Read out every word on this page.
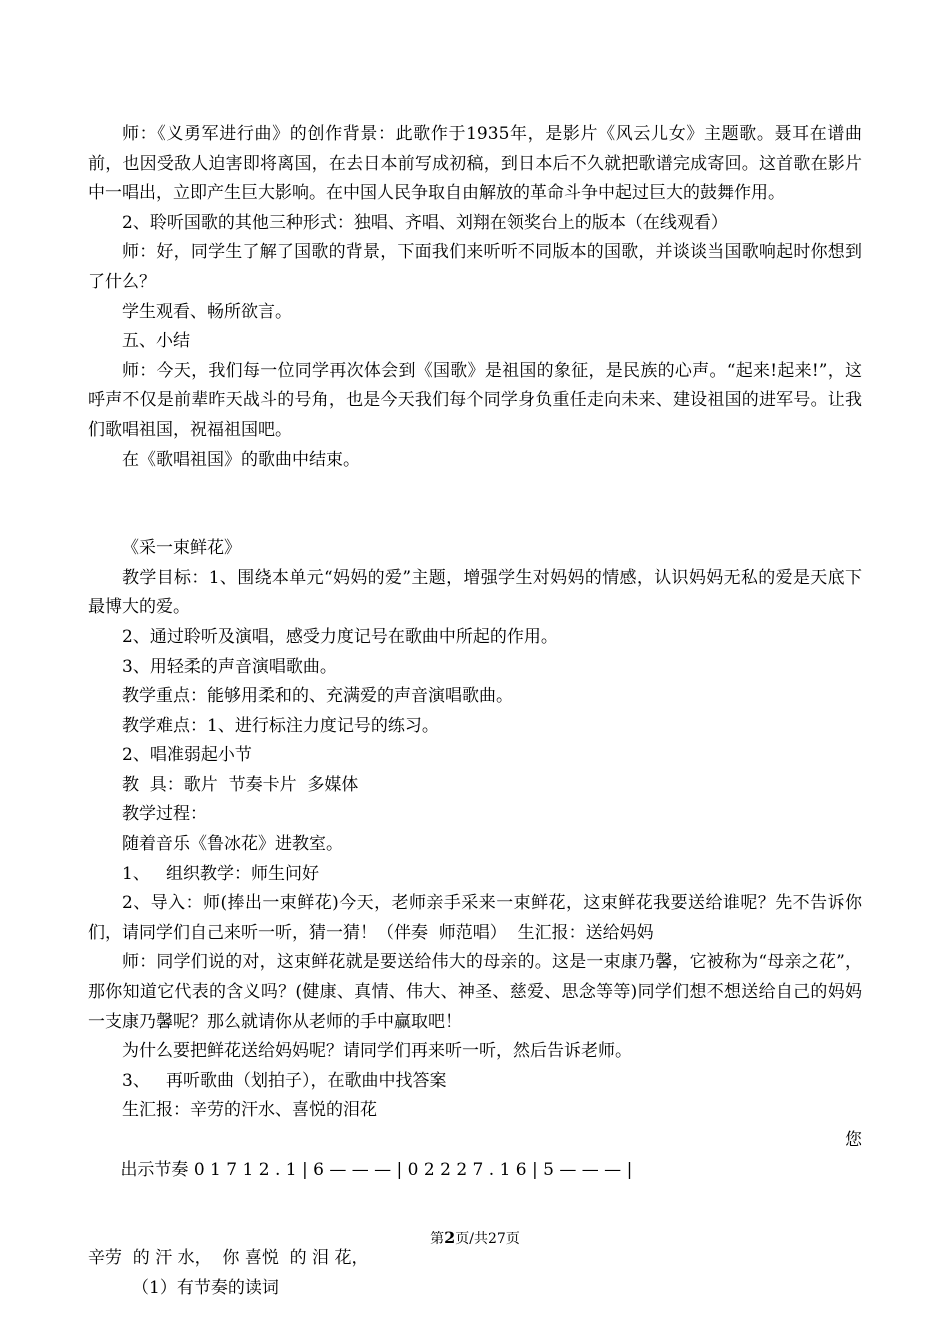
师：《义勇军进行曲》的创作背景：此歌作于1935年，是影片《风云儿女》主题歌。聂耳在谱曲前，也因受敌人迫害即将离国，在去日本前写成初稿，到日本后不久就把歌谱完成寄回。这首歌在影片中一唱出，立即产生巨大影响。在中国人民争取自由解放的革命斗争中起过巨大的鼓舞作用。

2、聆听国歌的其他三种形式：独唱、齐唱、刘翔在领奖台上的版本（在线观看）

师：好，同学生了解了国歌的背景，下面我们来听听不同版本的国歌，并谈谈当国歌响起时你想到了什么？

学生观看、畅所欲言。

五、小结

师：今天，我们每一位同学再次体会到《国歌》是祖国的象征，是民族的心声。“起来!起来!”，这呼声不仅是前辈昨天战斗的号角，也是今天我们每个同学身负重任走向未来、建设祖国的进军号。让我们歌唱祖国，祝福祖国吧。

在《歌唱祖国》的歌曲中结束。

《采一束鲜花》

教学目标：1、围绕本单元“妈妈的爱”主题，增强学生对妈妈的情感，认识妈妈无私的爱是天底下最博大的爱。

2、通过聆听及演唱，感受力度记号在歌曲中所起的作用。

3、用轻柔的声音演唱歌曲。

教学重点：能够用柔和的、充满爱的声音演唱歌曲。

教学难点：1、进行标注力度记号的练习。

2、唱准弱起小节

教  具：歌片  节奏卡片  多媒体

教学过程：

随着音乐《鲁冰花》进教室。

1、   组织教学：师生问好

2、导入：师(捧出一束鲜花)今天，老师亲手采来一束鲜花，这束鲜花我要送给谁呢？先不告诉你们，请同学们自己来听一听，猜一猜！（伴奏  师范唱）  生汇报：送给妈妈

师：同学们说的对，这束鲜花就是要送给伟大的母亲的。这是一束康乃馨，它被称为“母亲之花”，那你知道它代表的含义吗？(健康、真情、伟大、神圣、慈爱、思念等等)同学们想不想送给自己的妈妈一支康乃馨呢？那么就请你从老师的手中赢取吧！

为什么要把鲜花送给妈妈呢？请同学们再来听一听，然后告诉老师。

3、   再听歌曲（划拍子），在歌曲中找答案

生汇报：辛劳的汗水、喜悦的泪花

出示节奏 0 1 7 1 2 . 1 | 6 — — — | 0 2 2 2 7 . 1 6 | 5 — — — |

您

辛劳  的 汗 水，  你 喜悦  的 泪 花，

（1）有节奏的读词

第2页/共27页
